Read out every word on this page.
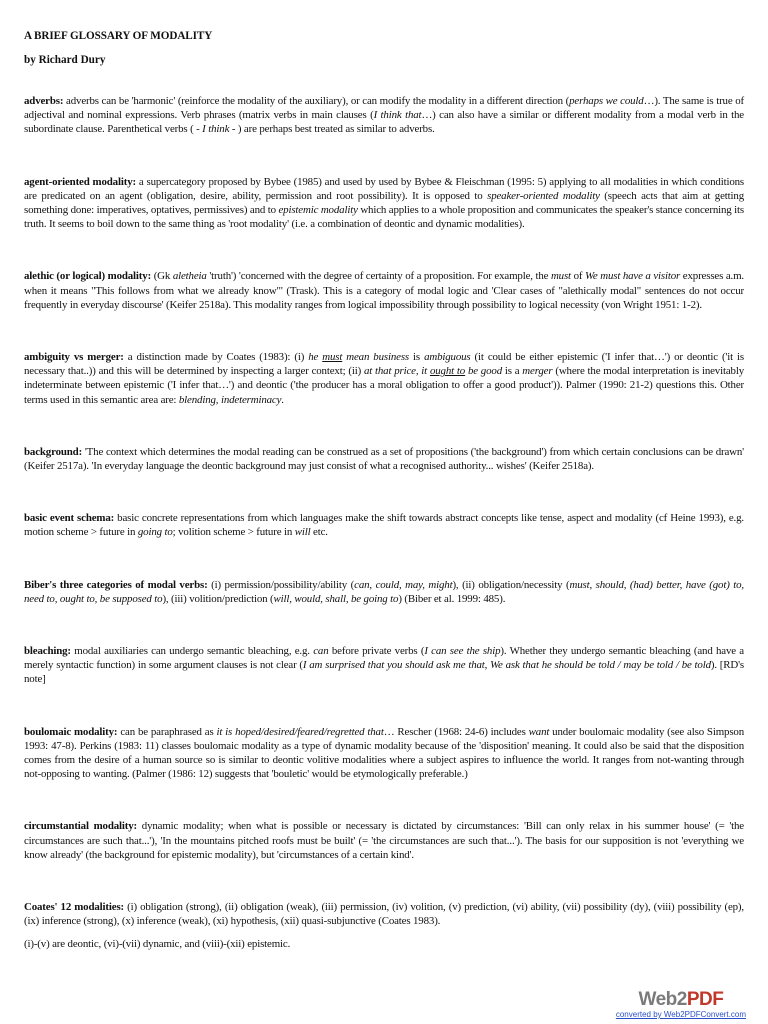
A BRIEF GLOSSARY OF MODALITY
by Richard Dury

adverbs: adverbs can be 'harmonic' (reinforce the modality of the auxiliary), or can modify the modality in a different direction (perhaps we could…). The same is true of adjectival and nominal expressions. Verb phrases (matrix verbs in main clauses (I think that…) can also have a similar or different modality from a modal verb in the subordinate clause. Parenthetical verbs ( - I think - ) are perhaps best treated as similar to adverbs.

agent-oriented modality: a supercategory proposed by Bybee (1985) and used by used by Bybee & Fleischman (1995: 5) applying to all modalities in which conditions are predicated on an agent (obligation, desire, ability, permission and root possibility). It is opposed to speaker-oriented modality (speech acts that aim at getting something done: imperatives, optatives, permissives) and to epistemic modality which applies to a whole proposition and communicates the speaker's stance concerning its truth. It seems to boil down to the same thing as 'root modality' (i.e. a combination of deontic and dynamic modalities).

alethic (or logical) modality: (Gk aletheia 'truth') 'concerned with the degree of certainty of a proposition. For example, the must of We must have a visitor expresses a.m. when it means "This follows from what we already know"' (Trask). This is a category of modal logic and 'Clear cases of "alethically modal" sentences do not occur frequently in everyday discourse' (Keifer 2518a). This modality ranges from logical impossibility through possibility to logical necessity (von Wright 1951: 1-2).

ambiguity vs merger: a distinction made by Coates (1983): (i) he must mean business is ambiguous (it could be either epistemic ('I infer that…') or deontic ('it is necessary that..)) and this will be determined by inspecting a larger context; (ii) at that price, it ought to be good is a merger (where the modal interpretation is inevitably indeterminate between epistemic ('I infer that…') and deontic ('the producer has a moral obligation to offer a good product')). Palmer (1990: 21-2) questions this. Other terms used in this semantic area are: blending, indeterminacy.

background: 'The context which determines the modal reading can be construed as a set of propositions ('the background') from which certain conclusions can be drawn' (Keifer 2517a). 'In everyday language the deontic background may just consist of what a recognised authority... wishes' (Keifer 2518a).

basic event schema: basic concrete representations from which languages make the shift towards abstract concepts like tense, aspect and modality (cf Heine 1993), e.g. motion scheme > future in going to; volition scheme > future in will etc.

Biber's three categories of modal verbs: (i) permission/possibility/ability (can, could, may, might), (ii) obligation/necessity (must, should, (had) better, have (got) to, need to, ought to, be supposed to), (iii) volition/prediction (will, would, shall, be going to) (Biber et al. 1999: 485).

bleaching: modal auxiliaries can undergo semantic bleaching, e.g. can before private verbs (I can see the ship). Whether they undergo semantic bleaching (and have a merely syntactic function) in some argument clauses is not clear (I am surprised that you should ask me that, We ask that he should be told / may be told / be told). [RD's note]

boulomaic modality: can be paraphrased as it is hoped/desired/feared/regretted that… Rescher (1968: 24-6) includes want under boulomaic modality (see also Simpson 1993: 47-8). Perkins (1983: 11) classes boulomaic modality as a type of dynamic modality because of the 'disposition' meaning. It could also be said that the disposition comes from the desire of a human source so is similar to deontic volitive modalities where a subject aspires to influence the world. It ranges from not-wanting through not-opposing to wanting. (Palmer (1986: 12) suggests that 'bouletic' would be etymologically preferable.)

circumstantial modality: dynamic modality; when what is possible or necessary is dictated by circumstances: 'Bill can only relax in his summer house' (= 'the circumstances are such that...'), 'In the mountains pitched roofs must be built' (= 'the circumstances are such that...'). The basis for our supposition is not 'everything we know already' (the background for epistemic modality), but 'circumstances of a certain kind'.

Coates' 12 modalities: (i) obligation (strong), (ii) obligation (weak), (iii) permission, (iv) volition, (v) prediction, (vi) ability, (vii) possibility (dy), (viii) possibility (ep), (ix) inference (strong), (x) inference (weak), (xi) hypothesis, (xii) quasi-subjunctive (Coates 1983).

(i)-(v) are deontic, (vi)-(vii) dynamic, and (viii)-(xii) epistemic.

Web2PDF
converted by Web2PDFConvert.com
